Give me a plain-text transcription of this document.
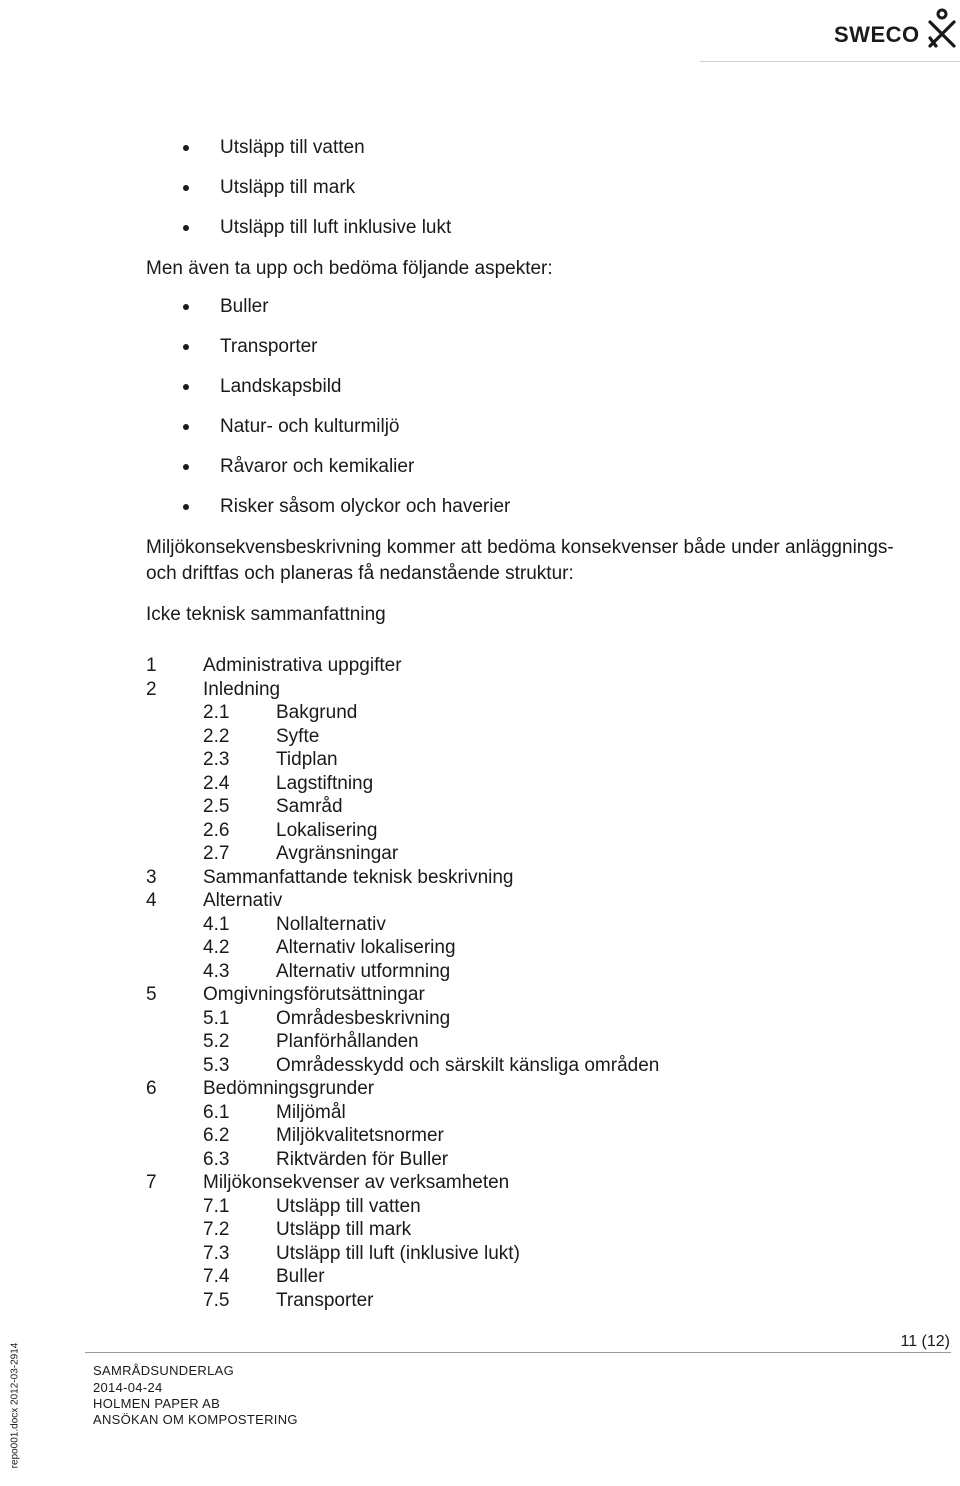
SWECO
Utsläpp till vatten
Utsläpp till mark
Utsläpp till luft inklusive lukt
Men även ta upp och bedöma följande aspekter:
Buller
Transporter
Landskapsbild
Natur- och kulturmiljö
Råvaror och kemikalier
Risker såsom olyckor och haverier
Miljökonsekvensbeskrivning kommer att bedöma konsekvenser både under anläggnings-
och driftfas och planeras få nedanstående struktur:
Icke teknisk sammanfattning
1 Administrativa uppgifter
2 Inledning
2.1 Bakgrund
2.2 Syfte
2.3 Tidplan
2.4 Lagstiftning
2.5 Samråd
2.6 Lokalisering
2.7 Avgränsningar
3 Sammanfattande teknisk beskrivning
4 Alternativ
4.1 Nollalternativ
4.2 Alternativ lokalisering
4.3 Alternativ utformning
5 Omgivningsförutsättningar
5.1 Områdesbeskrivning
5.2 Planförhållanden
5.3 Områdesskydd och särskilt känsliga områden
6 Bedömningsgrunder
6.1 Miljömål
6.2 Miljökvalitetsnormer
6.3 Riktvärden för Buller
7 Miljökonsekvenser av verksamheten
7.1 Utsläpp till vatten
7.2 Utsläpp till mark
7.3 Utsläpp till luft (inklusive lukt)
7.4 Buller
7.5 Transporter
11 (12)
SAMRÅDSUNDERLAG
2014-04-24
HOLMEN PAPER AB
ANSÖKAN OM KOMPOSTERING
repo001.docx 2012-03-2914
